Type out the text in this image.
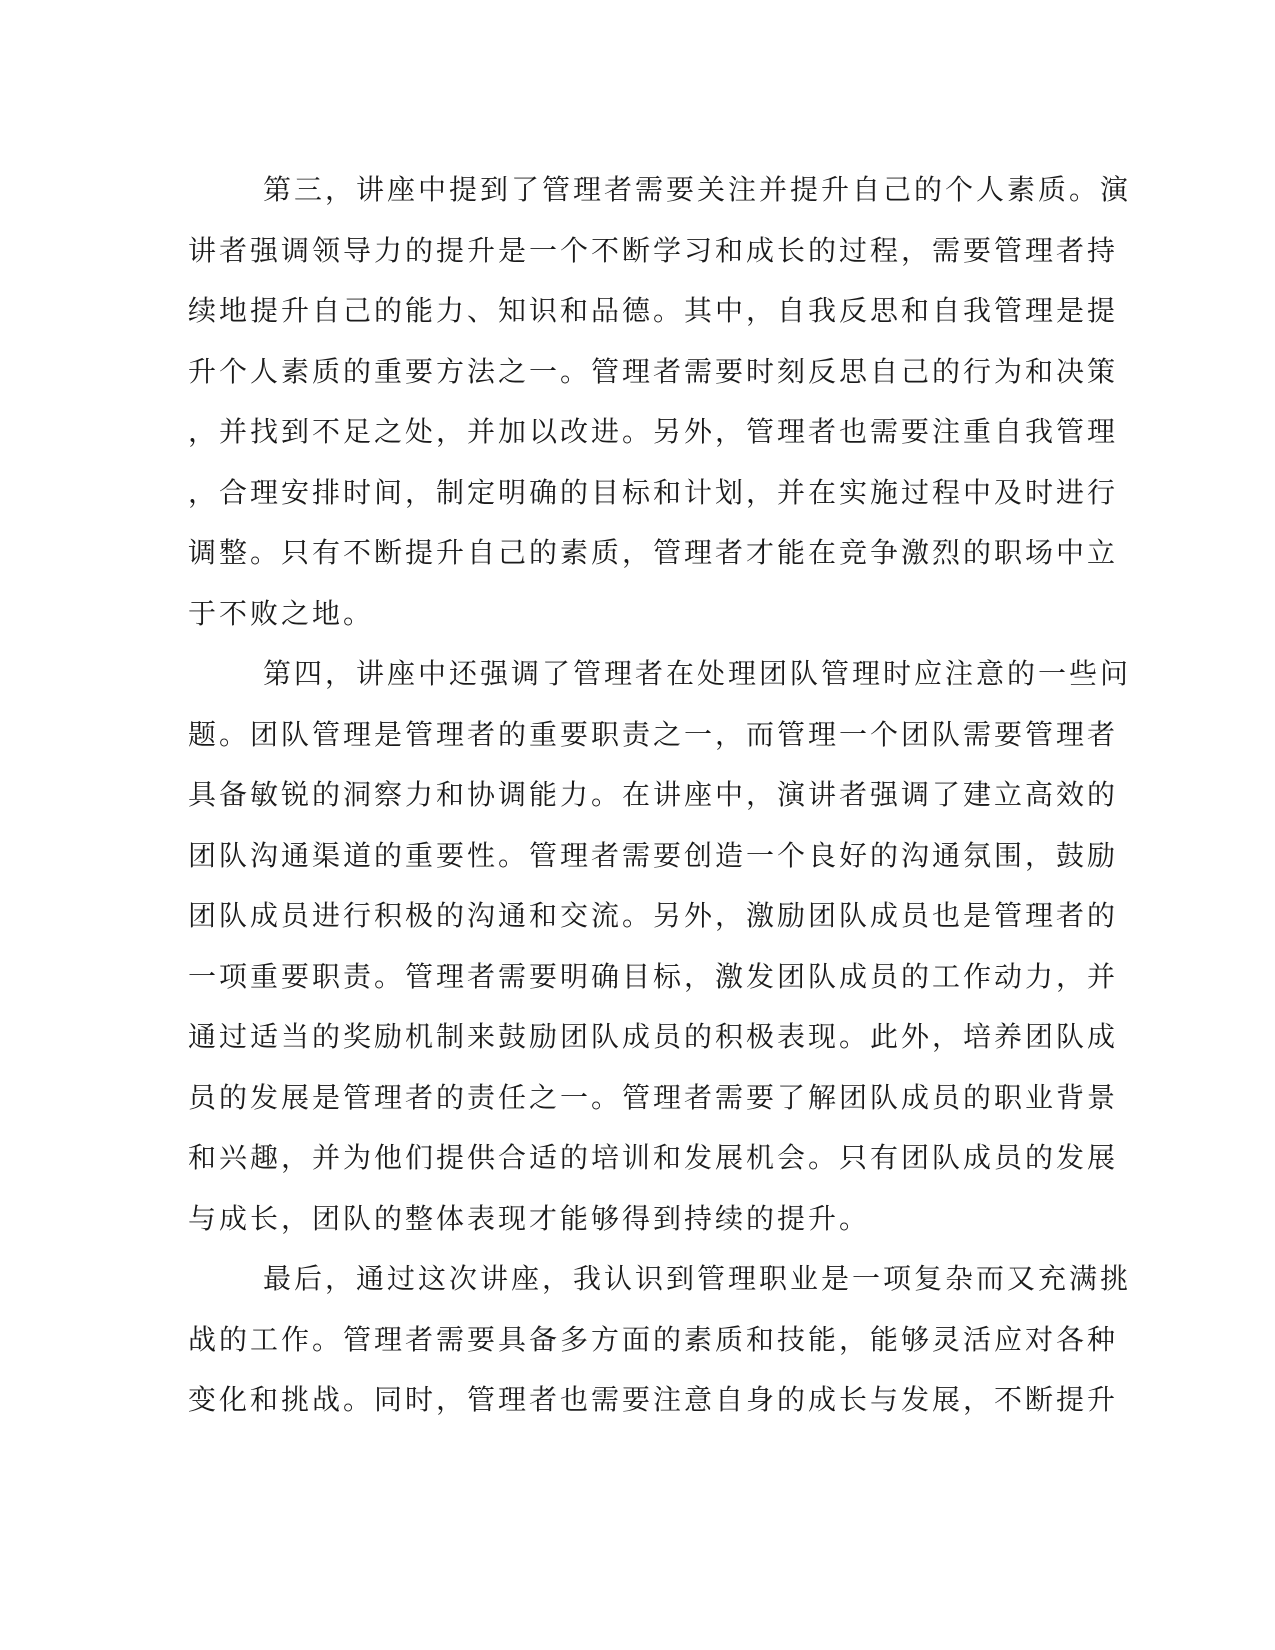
第三，讲座中提到了管理者需要关注并提升自己的个人素质。演
讲者强调领导力的提升是一个不断学习和成长的过程，需要管理者持
续地提升自己的能力、知识和品德。其中，自我反思和自我管理是提
升个人素质的重要方法之一。管理者需要时刻反思自己的行为和决策
，并找到不足之处，并加以改进。另外，管理者也需要注重自我管理
，合理安排时间，制定明确的目标和计划，并在实施过程中及时进行
调整。只有不断提升自己的素质，管理者才能在竞争激烈的职场中立
于不败之地。
第四，讲座中还强调了管理者在处理团队管理时应注意的一些问
题。团队管理是管理者的重要职责之一，而管理一个团队需要管理者
具备敏锐的洞察力和协调能力。在讲座中，演讲者强调了建立高效的
团队沟通渠道的重要性。管理者需要创造一个良好的沟通氛围，鼓励
团队成员进行积极的沟通和交流。另外，激励团队成员也是管理者的
一项重要职责。管理者需要明确目标，激发团队成员的工作动力，并
通过适当的奖励机制来鼓励团队成员的积极表现。此外，培养团队成
员的发展是管理者的责任之一。管理者需要了解团队成员的职业背景
和兴趣，并为他们提供合适的培训和发展机会。只有团队成员的发展
与成长，团队的整体表现才能够得到持续的提升。
最后，通过这次讲座，我认识到管理职业是一项复杂而又充满挑
战的工作。管理者需要具备多方面的素质和技能，能够灵活应对各种
变化和挑战。同时，管理者也需要注意自身的成长与发展，不断提升
